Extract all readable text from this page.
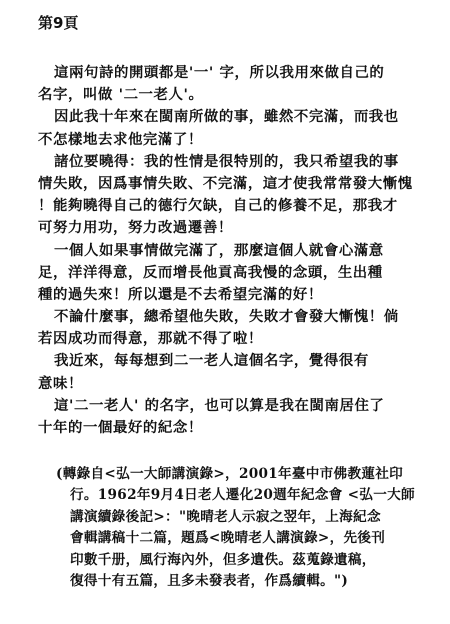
第9頁
這兩句詩的開頭都是'一' 字，所以我用來做自己的
名字，叫做 '二一老人'。
因此我十年來在閩南所做的事，雖然不完滿，而我也
不怎樣地去求他完滿了！
諸位要曉得：我的性情是很特別的，我只希望我的事
情失敗，因爲事情失敗、不完滿，這才使我常常發大慚愧
！能夠曉得自己的德行欠缺，自己的修養不足，那我才
可努力用功，努力改過遷善！
一個人如果事情做完滿了，那麼這個人就會心滿意
足，洋洋得意，反而增長他貢高我慢的念頭，生出種
種的過失來！所以還是不去希望完滿的好！
不論什麼事，總希望他失敗，失敗才會發大慚愧！倘
若因成功而得意，那就不得了啦！
我近來，每每想到二一老人這個名字，覺得很有
意味！
這'二一老人' 的名字，也可以算是我在閩南居住了
十年的一個最好的紀念！
(轉錄自<弘一大師講演錄>，2001年臺中市佛教蓮社印
行。1962年9月4日老人遷化20週年紀念會 <弘一大師
講演續錄後記>："晚晴老人示寂之翌年，上海紀念
會輯講稿十二篇，題爲<晚晴老人講演錄>，先後刊
印數千册，風行海內外，但多遺佚。茲蒐錄遺稿，
復得十有五篇，且多未發表者，作爲續輯。")
